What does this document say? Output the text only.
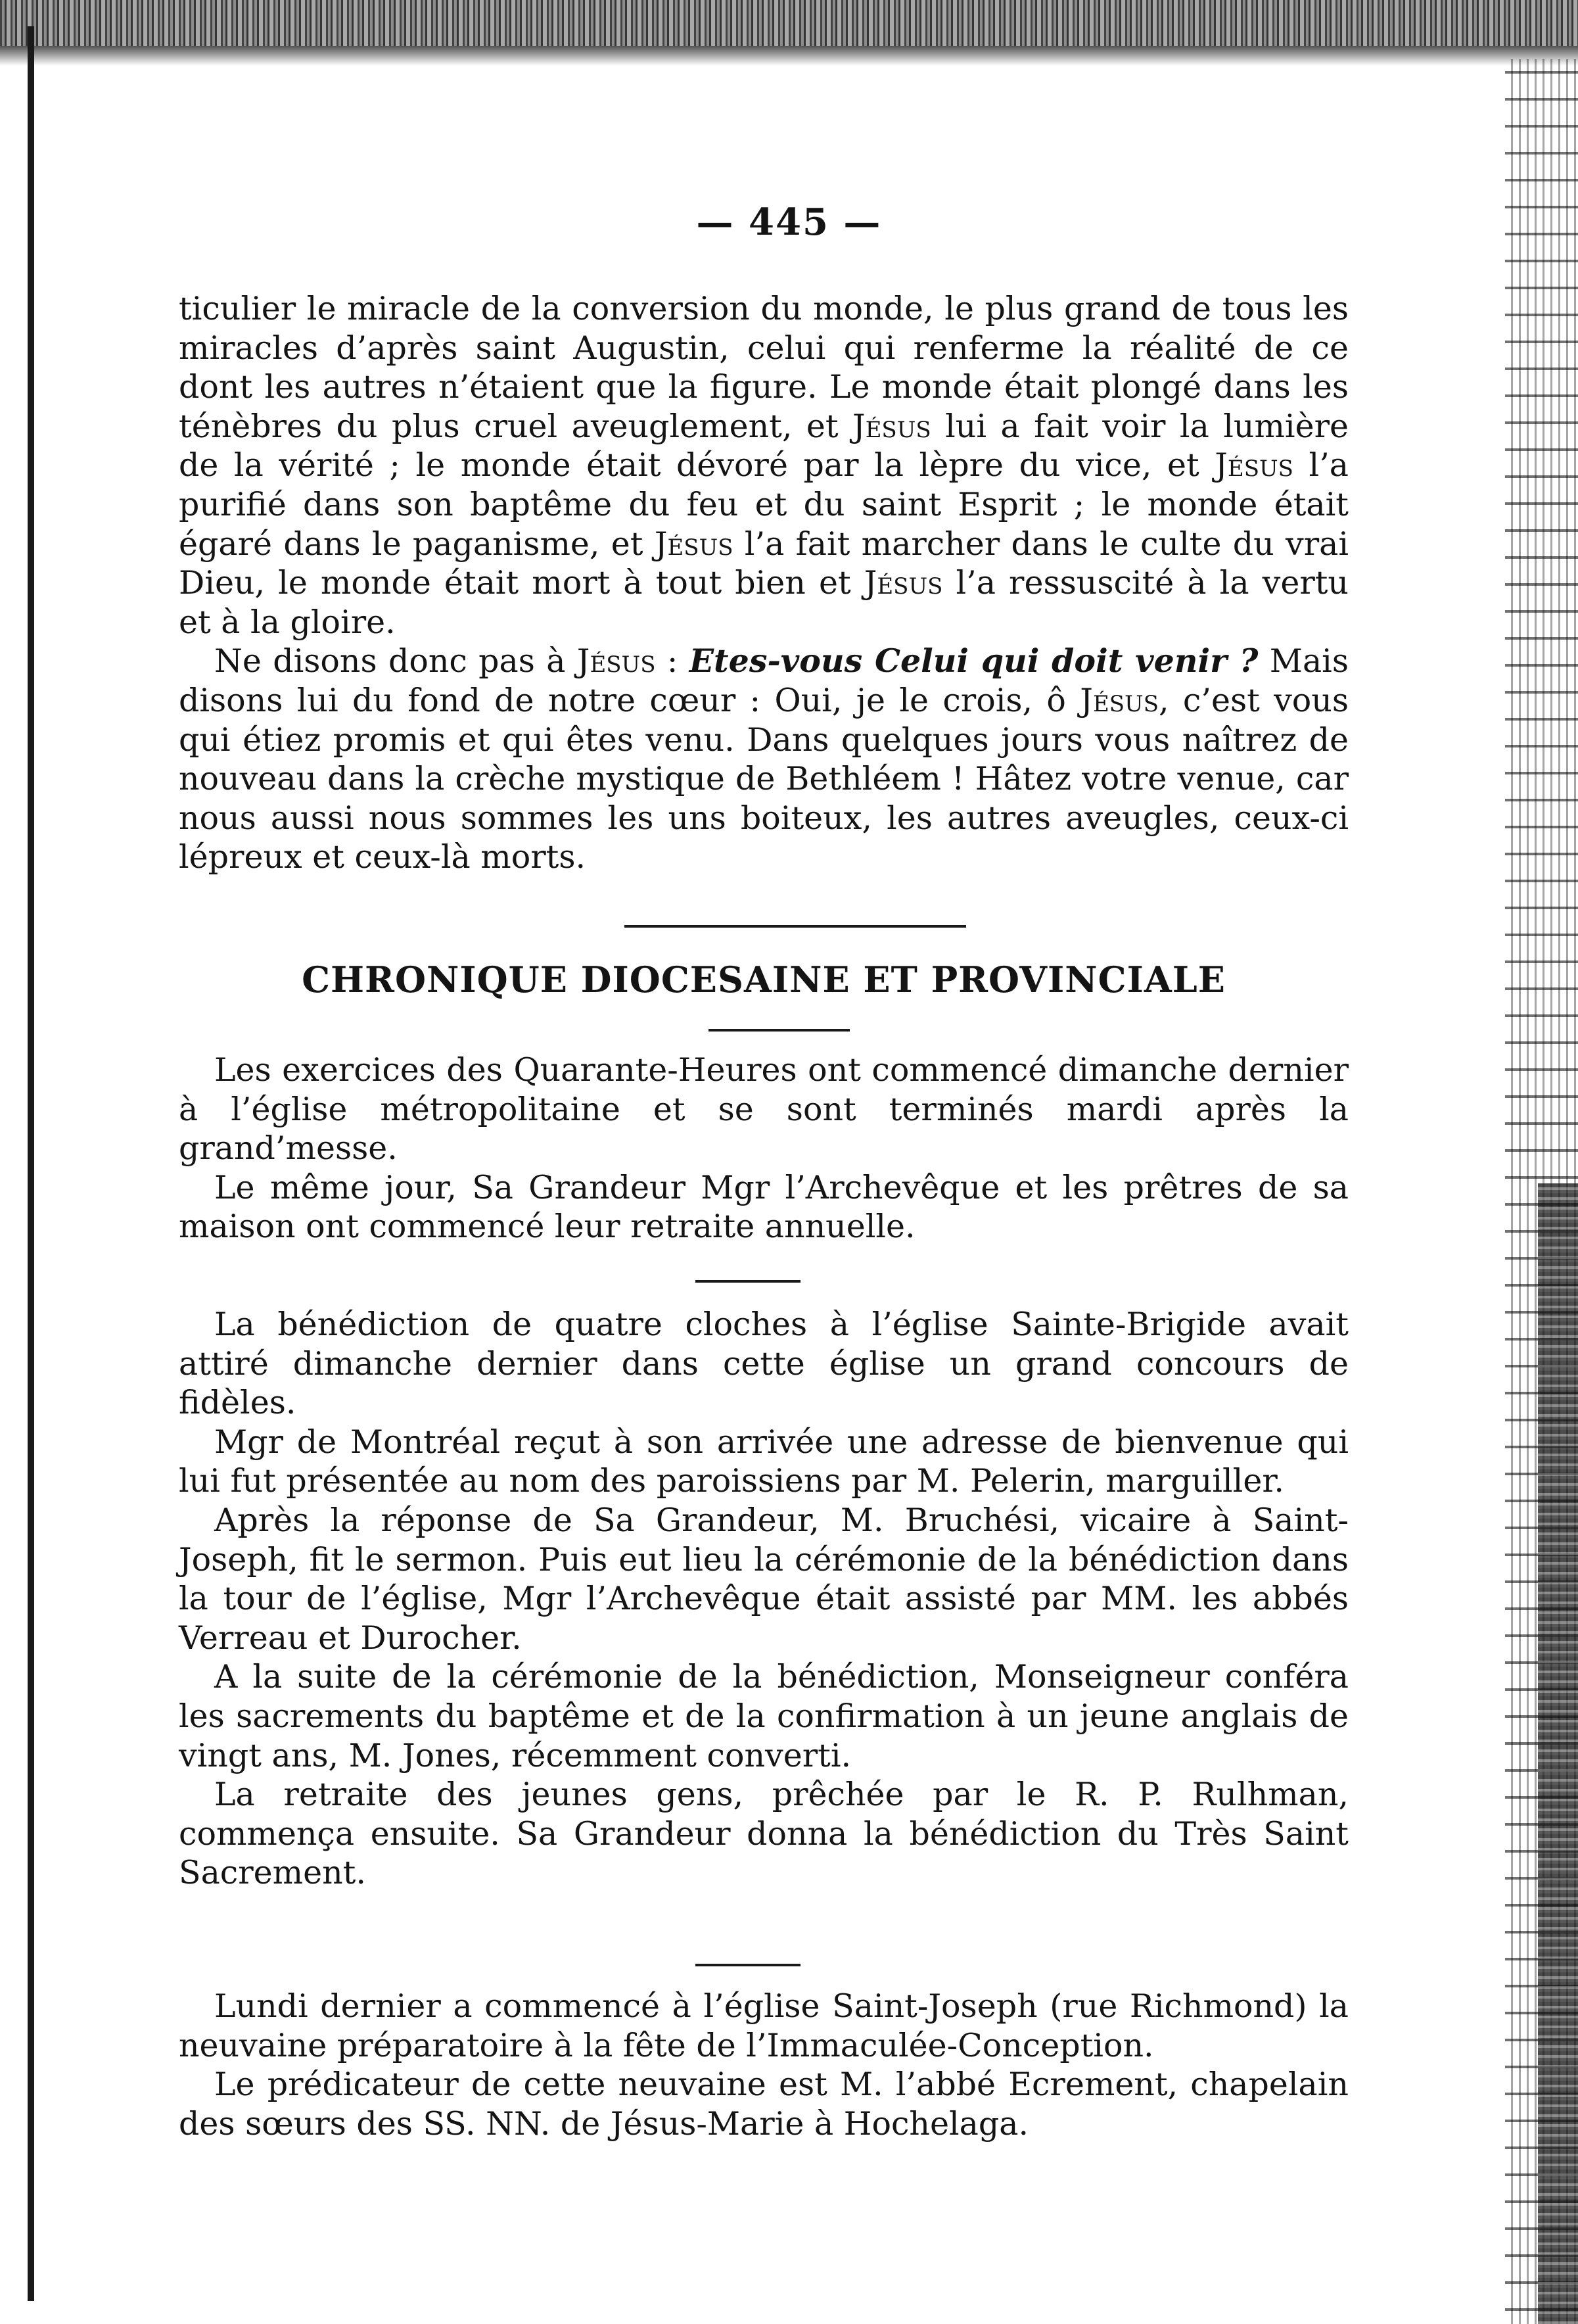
— 445 —

ticulier le miracle de la conversion du monde, le plus grand de tous les miracles d’après saint Augustin, celui qui renferme la réalité de ce dont les autres n’étaient que la figure. Le monde était plongé dans les ténèbres du plus cruel aveuglement, et Jésus lui a fait voir la lumière de la vérité ; le monde était dévoré par la lèpre du vice, et Jésus l’a purifié dans son baptême du feu et du saint Esprit ; le monde était égaré dans le paganisme, et Jésus l’a fait marcher dans le culte du vrai Dieu, le monde était mort à tout bien et Jésus l’a ressuscité à la vertu et à la gloire.

Ne disons donc pas à Jésus : Etes-vous Celui qui doit venir ? Mais disons lui du fond de notre cœur : Oui, je le crois, ô Jésus, c’est vous qui étiez promis et qui êtes venu. Dans quelques jours vous naîtrez de nouveau dans la crèche mystique de Bethléem ! Hâtez votre venue, car nous aussi nous sommes les uns boiteux, les autres aveugles, ceux-ci lépreux et ceux-là morts.

CHRONIQUE DIOCESAINE ET PROVINCIALE

Les exercices des Quarante-Heures ont commencé dimanche dernier à l’église métropolitaine et se sont terminés mardi après la grand’messe.

Le même jour, Sa Grandeur Mgr l’Archevêque et les prêtres de sa maison ont commencé leur retraite annuelle.

La bénédiction de quatre cloches à l’église Sainte-Brigide avait attiré dimanche dernier dans cette église un grand concours de fidèles.

Mgr de Montréal reçut à son arrivée une adresse de bienvenue qui lui fut présentée au nom des paroissiens par M. Pelerin, marguiller.

Après la réponse de Sa Grandeur, M. Bruchési, vicaire à Saint-Joseph, fit le sermon. Puis eut lieu la cérémonie de la bénédiction dans la tour de l’église, Mgr l’Archevêque était assisté par MM. les abbés Verreau et Durocher.

A la suite de la cérémonie de la bénédiction, Monseigneur conféra les sacrements du baptême et de la confirmation à un jeune anglais de vingt ans, M. Jones, récemment converti.

La retraite des jeunes gens, prêchée par le R. P. Rulhman, commença ensuite. Sa Grandeur donna la bénédiction du Très Saint Sacrement.

Lundi dernier a commencé à l’église Saint-Joseph (rue Richmond) la neuvaine préparatoire à la fête de l’Immaculée-Conception.

Le prédicateur de cette neuvaine est M. l’abbé Ecrement, chapelain des sœurs des SS. NN. de Jésus-Marie à Hochelaga.
